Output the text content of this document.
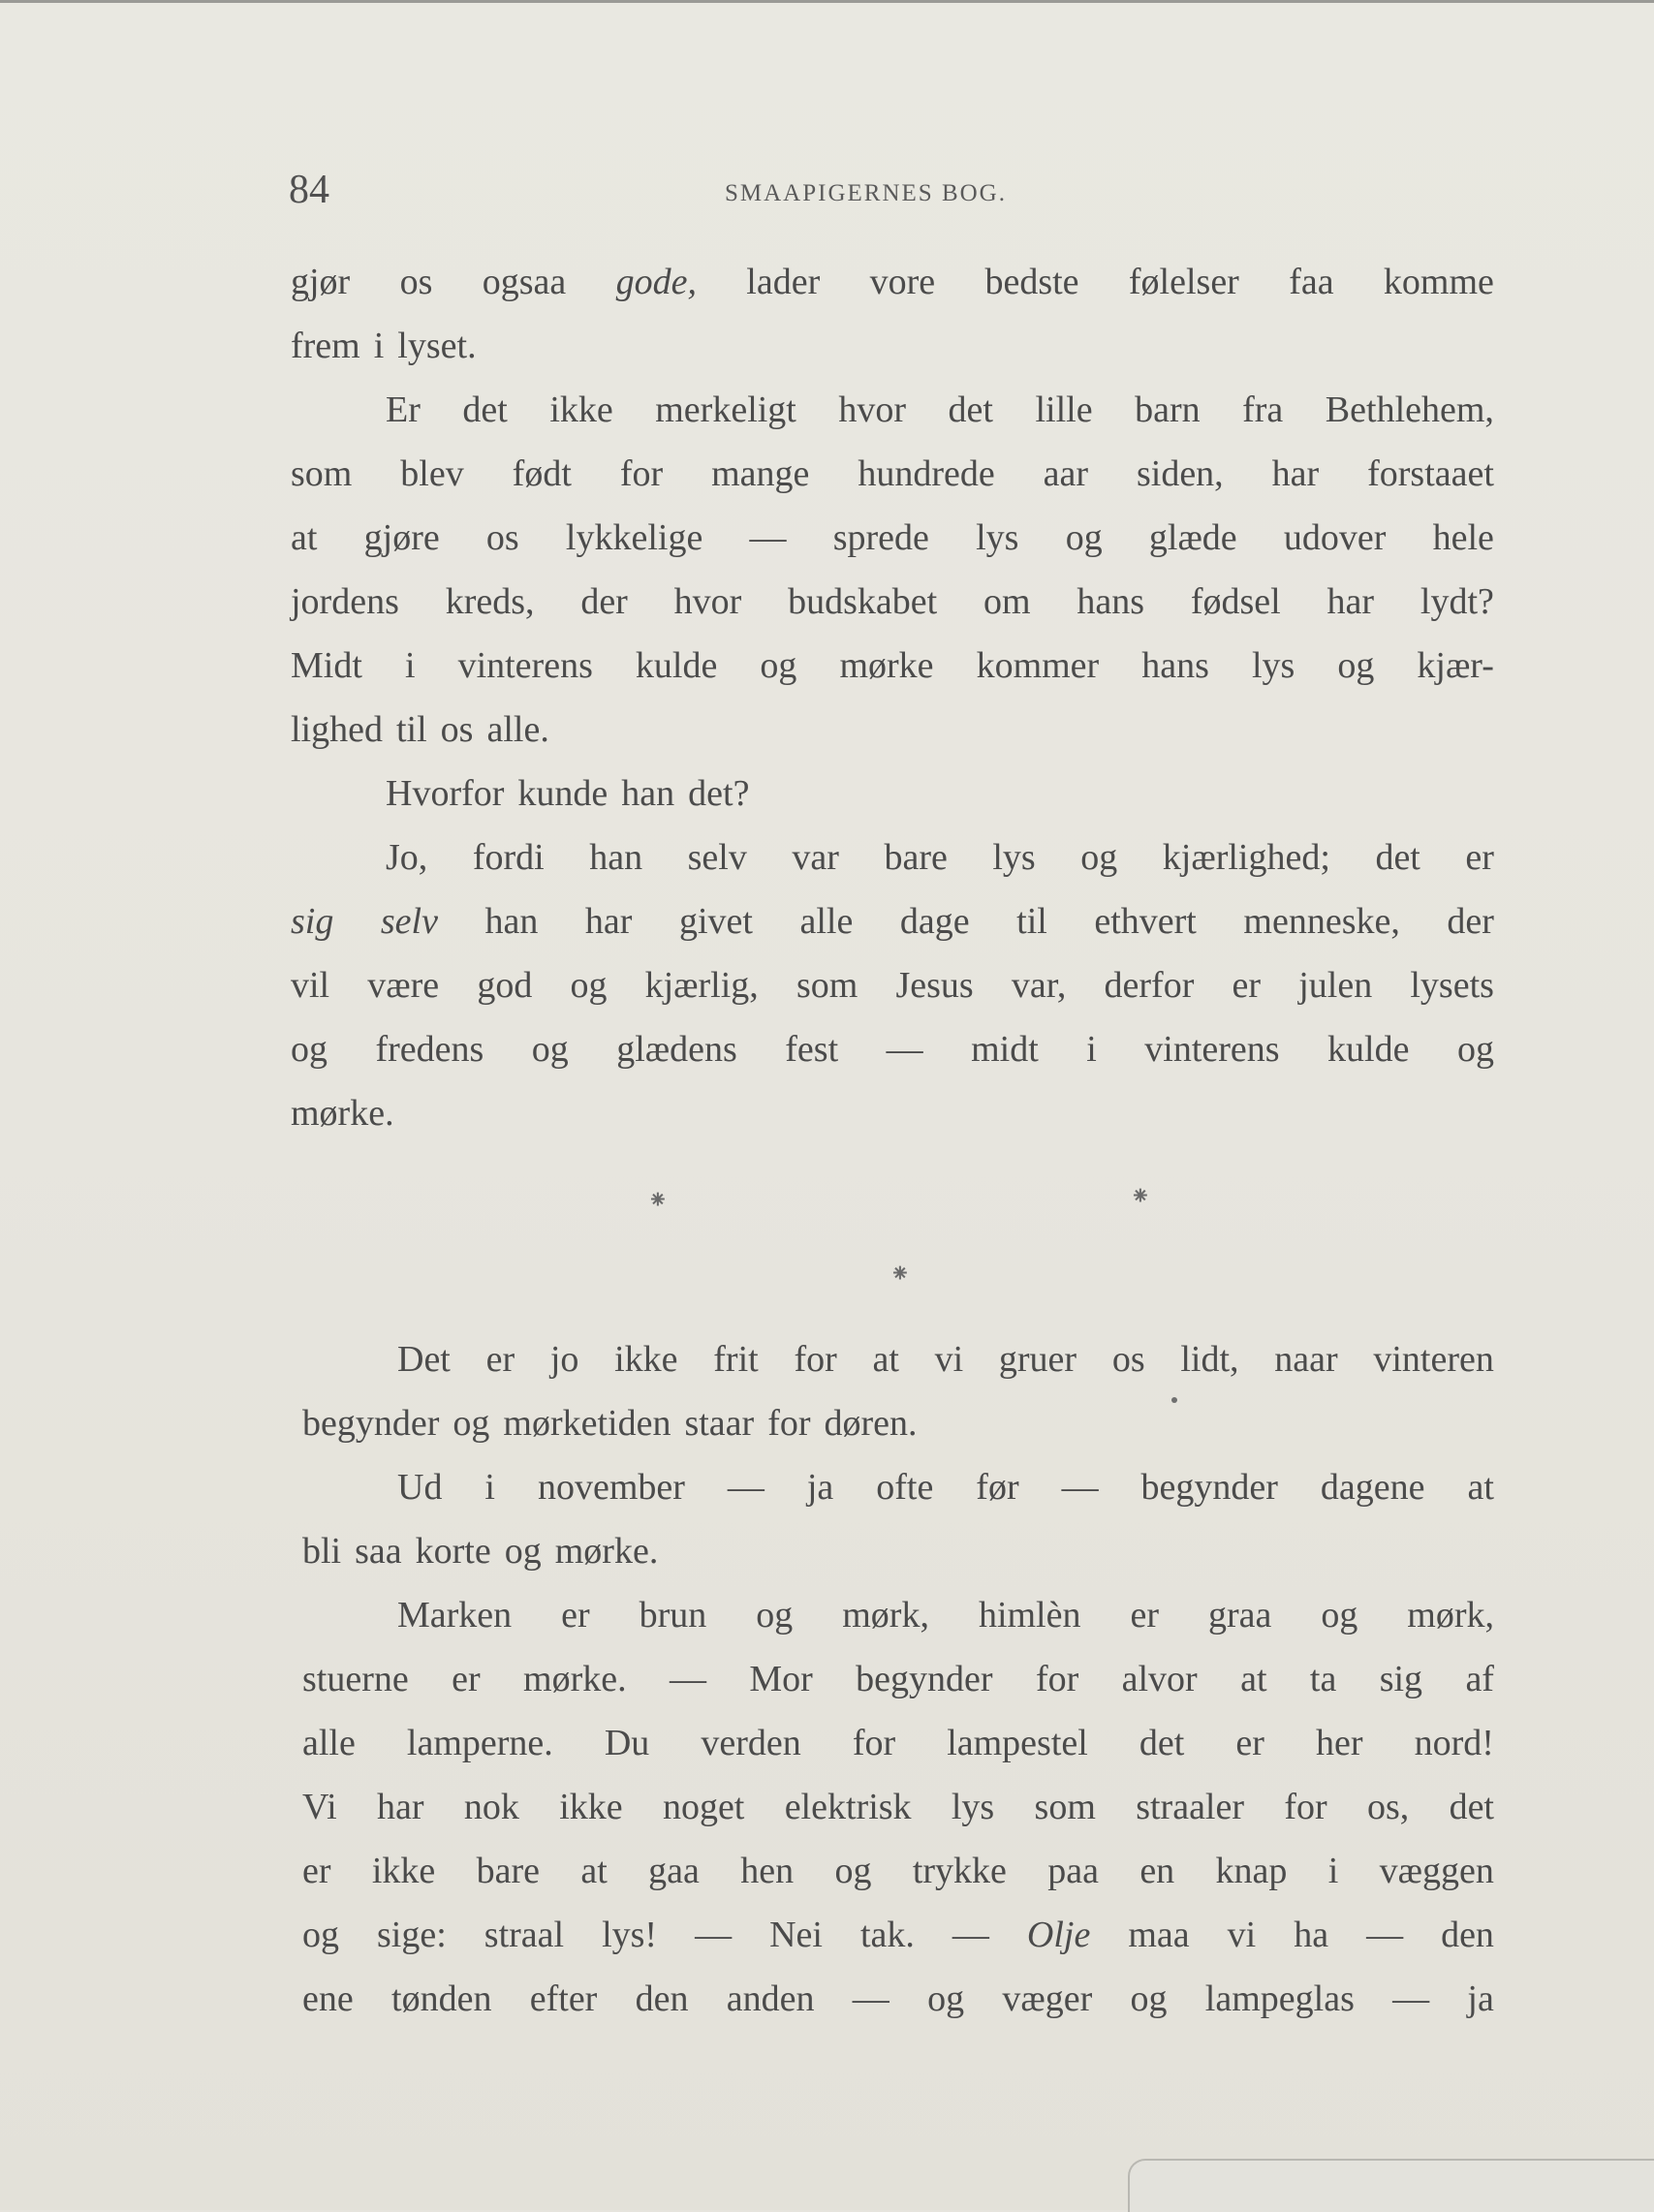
84	SMAAPIGERNES BOG.
gjør os ogsaa gode, lader vore bedste følelser faa komme
frem i lyset.
Er det ikke merkeligt hvor det lille barn fra Bethlehem,
som blev født for mange hundrede aar siden, har forstaaet
at gjøre os lykkelige — sprede lys og glæde udover hele
jordens kreds, der hvor budskabet om hans fødsel har lydt?
Midt i vinterens kulde og mørke kommer hans lys og kjær-
lighed til os alle.
Hvorfor kunde han det?
Jo, fordi han selv var bare lys og kjærlighed; det er
sig selv han har givet alle dage til ethvert menneske, der
vil være god og kjærlig, som Jesus var, derfor er julen lysets
og fredens og glædens fest — midt i vinterens kulde og
mørke.
⁕	⁕
⁕
Det er jo ikke frit for at vi gruer os lidt, naar vinteren
begynder og mørketiden staar for døren.
Ud i november — ja ofte før — begynder dagene at
bli saa korte og mørke.
Marken er brun og mørk, himlèn er graa og mørk,
stuerne er mørke. — Mor begynder for alvor at ta sig af
alle lamperne. Du verden for lampestel det er her nord!
Vi har nok ikke noget elektrisk lys som straaler for os, det
er ikke bare at gaa hen og trykke paa en knap i væggen
og sige: straal lys! — Nei tak. — Olje maa vi ha — den
ene tønden efter den anden — og væger og lampeglas — ja
